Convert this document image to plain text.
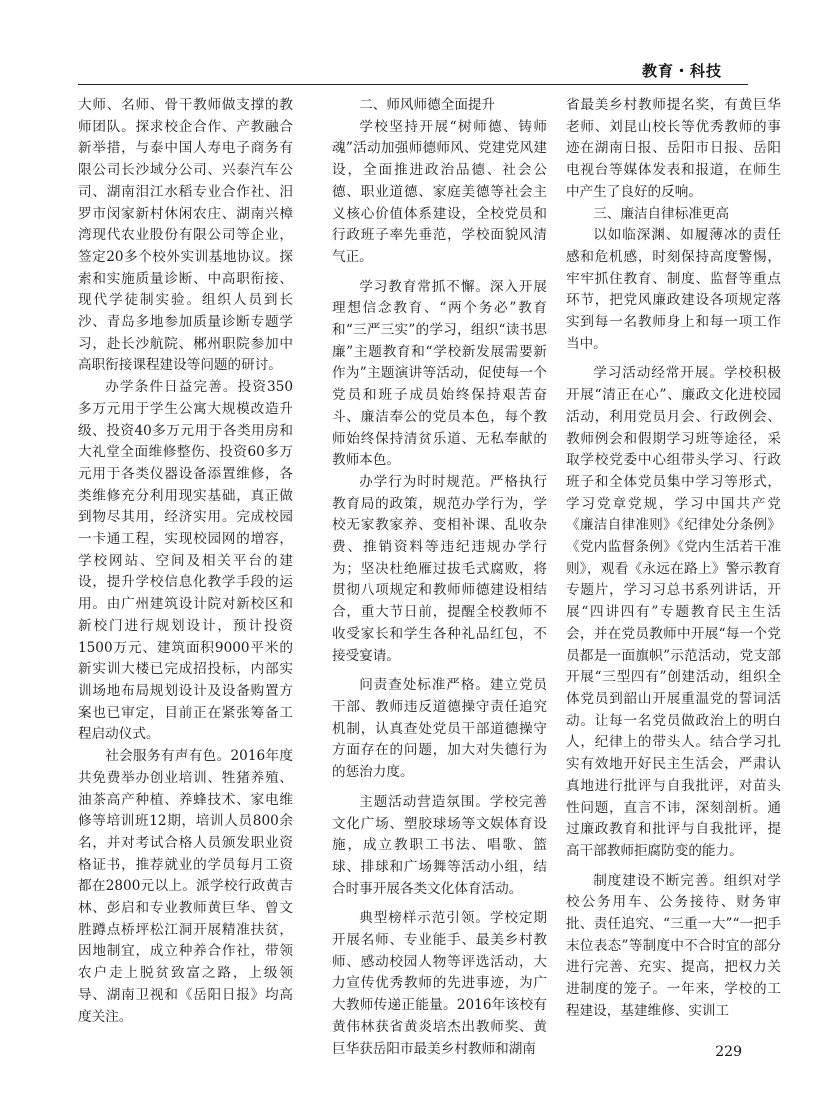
教育・科技

大师、名师、骨干教师做支撑的教师团队。探求校企合作、产教融合新举措，与泰中国人寿电子商务有限公司长沙域分公司、兴泰汽车公司、湖南泪江水稻专业合作社、汨罗市闵家新村休闲农庄、湖南兴樟湾现代农业股份有限公司等企业，签定20多个校外实训基地协议。探索和实施质量诊断、中高职衔接、现代学徒制实验。组织人员到长沙、青岛多地参加质量诊断专题学习，赴长沙航院、郴州职院参加中高职衔接课程建设等问题的研讨。

办学条件日益完善。投资350多万元用于学生公寓大规模改造升级、投资40多万元用于各类用房和大礼堂全面维修整伤、投资60多万元用于各类仪器设备添置维修，各类维修充分利用现实基础，真正做到物尽其用，经济实用。完成校园一卡通工程，实现校园网的增容，学校网站、空间及相关平台的建设，提升学校信息化教学手段的运用。由广州建筑设计院对新校区和新校门进行规划设计，预计投资1500万元、建筑面积9000平米的新实训大楼已完成招投标，内部实训场地布局规划设计及设备购置方案也已审定，目前正在紧张筹备工程启动仪式。

社会服务有声有色。2016年度共免费举办创业培训、牲猪养殖、油茶高产种植、养蜂技术、家电维修等培训班12期，培训人员800余名，并对考试合格人员颁发职业资格证书，推荐就业的学员每月工资都在2800元以上。派学校行政黄吉林、彭启和专业教师黄巨华、曾文胜蹲点桥坪松江洞开展精准扶贫，因地制宜，成立种养合作社，带领农户走上脱贫致富之路，上级领导、湖南卫视和《岳阳日报》均高度关注。

二、师风师德全面提升

学校坚持开展“树师德、铸师魂”活动加强师德师风、党建党风建设，全面推进政治品德、社会公德、职业道德、家庭美德等社会主义核心价值体系建设，全校党员和行政班子率先垂范，学校面貌风清气正。

学习教育常抓不懈。深入开展理想信念教育、“两个务必”教育和“三严三实”的学习，组织“读书思廉”主题教育和“学校新发展需要新作为”主题演讲等活动，促使每一个党员和班子成员始终保持艰苦奋斗、廉洁奉公的党员本色，每个教师始终保持清贫乐道、无私奉献的教师本色。

办学行为时时规范。严格执行教育局的政策，规范办学行为，学校无家教家养、变相补课、乱收杂费、推销资料等违纪违规办学行为；坚决杜绝雁过拔毛式腐败，将贯彻八项规定和教师师德建设相结合，重大节日前，提醒全校教师不收受家长和学生各种礼品红包，不接受宴请。

问责查处标准严格。建立党员干部、教师违反道德操守责任追究机制，认真查处党员干部道德操守方面存在的问题，加大对失德行为的惩治力度。

主题活动营造氛围。学校完善文化广场、塑胶球场等文娱体育设施，成立教职工书法、唱歌、篮球、排球和广场舞等活动小组，结合时事开展各类文化体育活动。

典型榜样示范引领。学校定期开展名师、专业能手、最美乡村教师、感动校园人物等评选活动，大力宣传优秀教师的先进事迹，为广大教师传递正能量。2016年该校有黄伟林获省黄炎培杰出教师奖、黄巨华获岳阳市最美乡村教师和湖南

省最美乡村教师提名奖，有黄巨华老师、刘昆山校长等优秀教师的事迹在湖南日报、岳阳市日报、岳阳电视台等媒体发表和报道，在师生中产生了良好的反响。

三、廉洁自律标准更高

以如临深渊、如履薄冰的责任感和危机感，时刻保持高度警惕，牢牢抓住教育、制度、监督等重点环节，把党风廉政建设各项规定落实到每一名教师身上和每一项工作当中。

学习活动经常开展。学校积极开展“清正在心”、廉政文化进校园活动，利用党员月会、行政例会、教师例会和假期学习班等途径，采取学校党委中心组带头学习、行政班子和全体党员集中学习等形式，学习党章党规，学习中国共产党《廉洁自律准则》《纪律处分条例》《党内监督条例》《党内生活若干准则》，观看《永远在路上》警示教育专题片，学习习总书系列讲话，开展“四讲四有”专题教育民主生活会，并在党员教师中开展“每一个党员都是一面旗帜”示范活动，党支部开展“三型四有”创建活动，组织全体党员到韶山开展重温党的誓词活动。让每一名党员做政治上的明白人，纪律上的带头人。结合学习扎实有效地开好民主生活会，严肃认真地进行批评与自我批评，对苗头性问题，直言不讳，深刻剖析。通过廉政教育和批评与自我批评，提高干部教师拒腐防变的能力。

制度建设不断完善。组织对学校公务用车、公务接待、财务审批、责任追究、“三重一大”“一把手末位表态”等制度中不合时宜的部分进行完善、充实、提高，把权力关进制度的笼子。一年来，学校的工程建设，基建维修、实训工

229
